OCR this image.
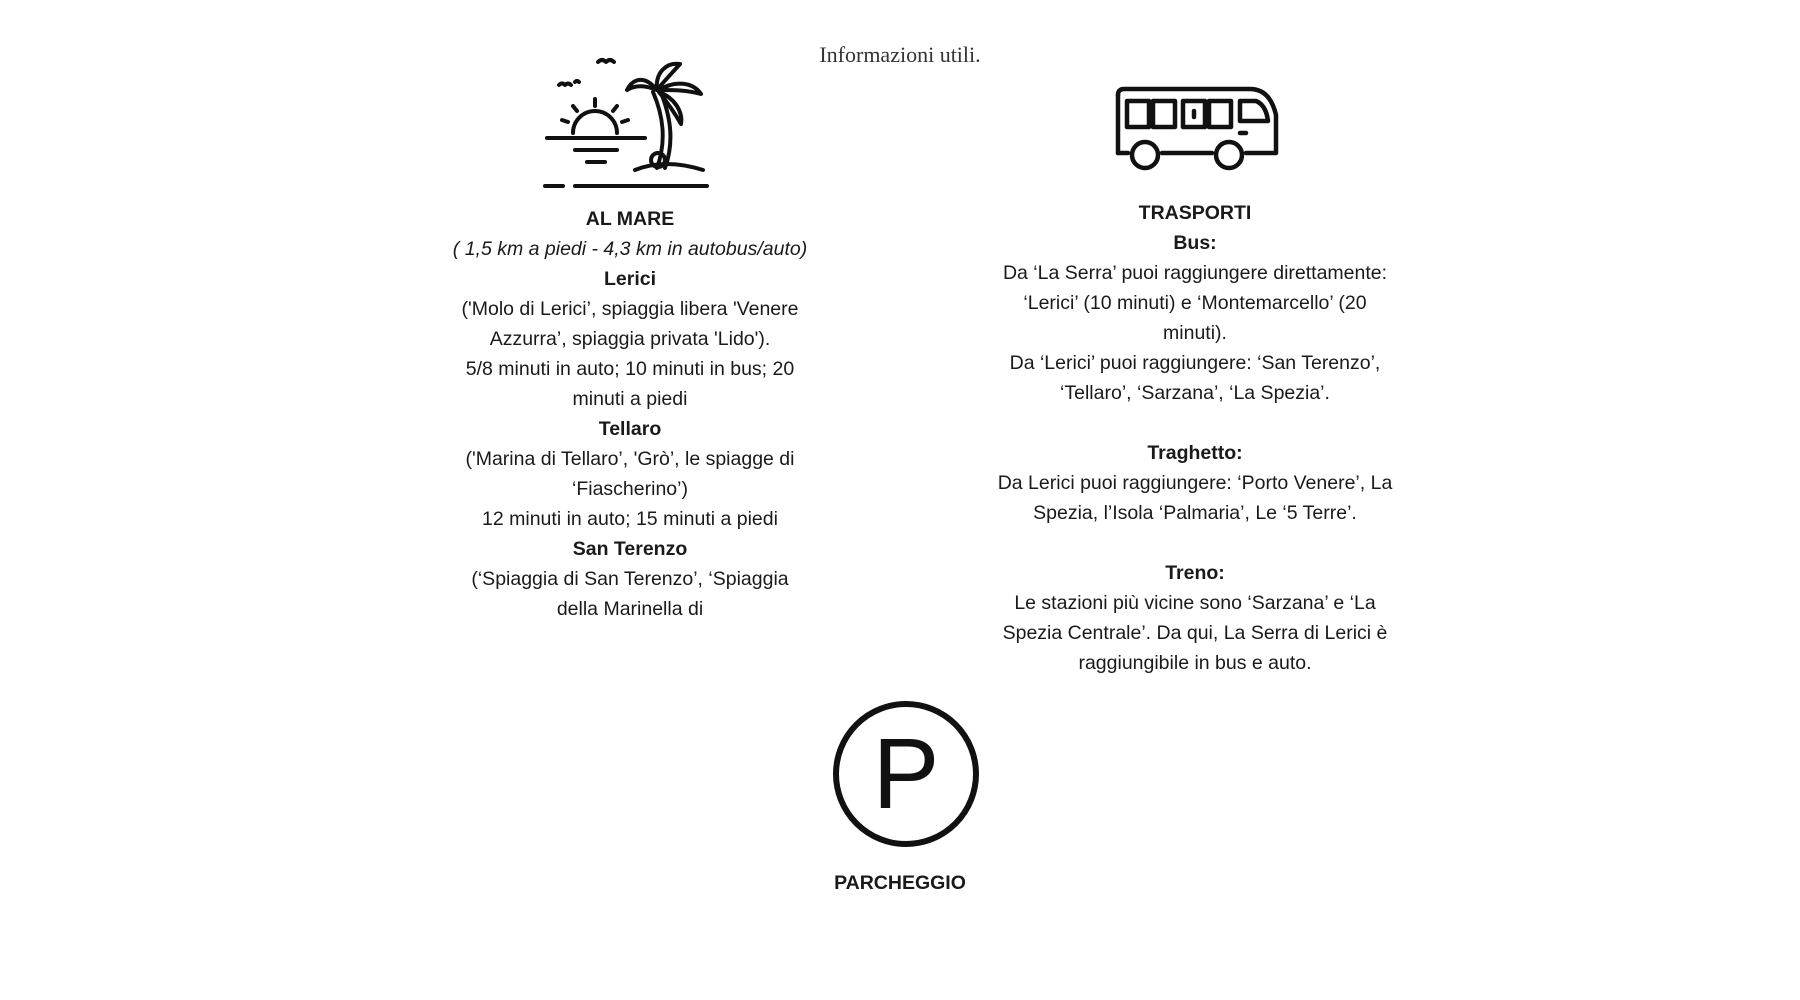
Informazioni utili.

AL MARE

( 1,5 km a piedi - 4,3 km in autobus/auto)

Lerici

('Molo di Lerici’, spiaggia libera 'Venere

Azzurra’, spiaggia privata 'Lido').

5/8 minuti in auto; 10 minuti in bus; 20

minuti a piedi

Tellaro

('Marina di Tellaro’, 'Grò’, le spiagge di

‘Fiascherino’)

12 minuti in auto; 15 minuti a piedi

San Terenzo

(‘Spiaggia di San Terenzo’, ‘Spiaggia

della Marinella di

TRASPORTI

Bus:

Da ‘La Serra’ puoi raggiungere direttamente:

‘Lerici’ (10 minuti) e ‘Montemarcello’ (20

minuti).

Da ‘Lerici’ puoi raggiungere: ‘San Terenzo’,

‘Tellaro’, ‘Sarzana’, ‘La Spezia’.

Traghetto:

Da Lerici puoi raggiungere: ‘Porto Venere’, La

Spezia, l’Isola ‘Palmaria’, Le ‘5 Terre’.

Treno:

Le stazioni più vicine sono ‘Sarzana’ e ‘La

Spezia Centrale’. Da qui, La Serra di Lerici è

raggiungibile in bus e auto.

P

PARCHEGGIO
